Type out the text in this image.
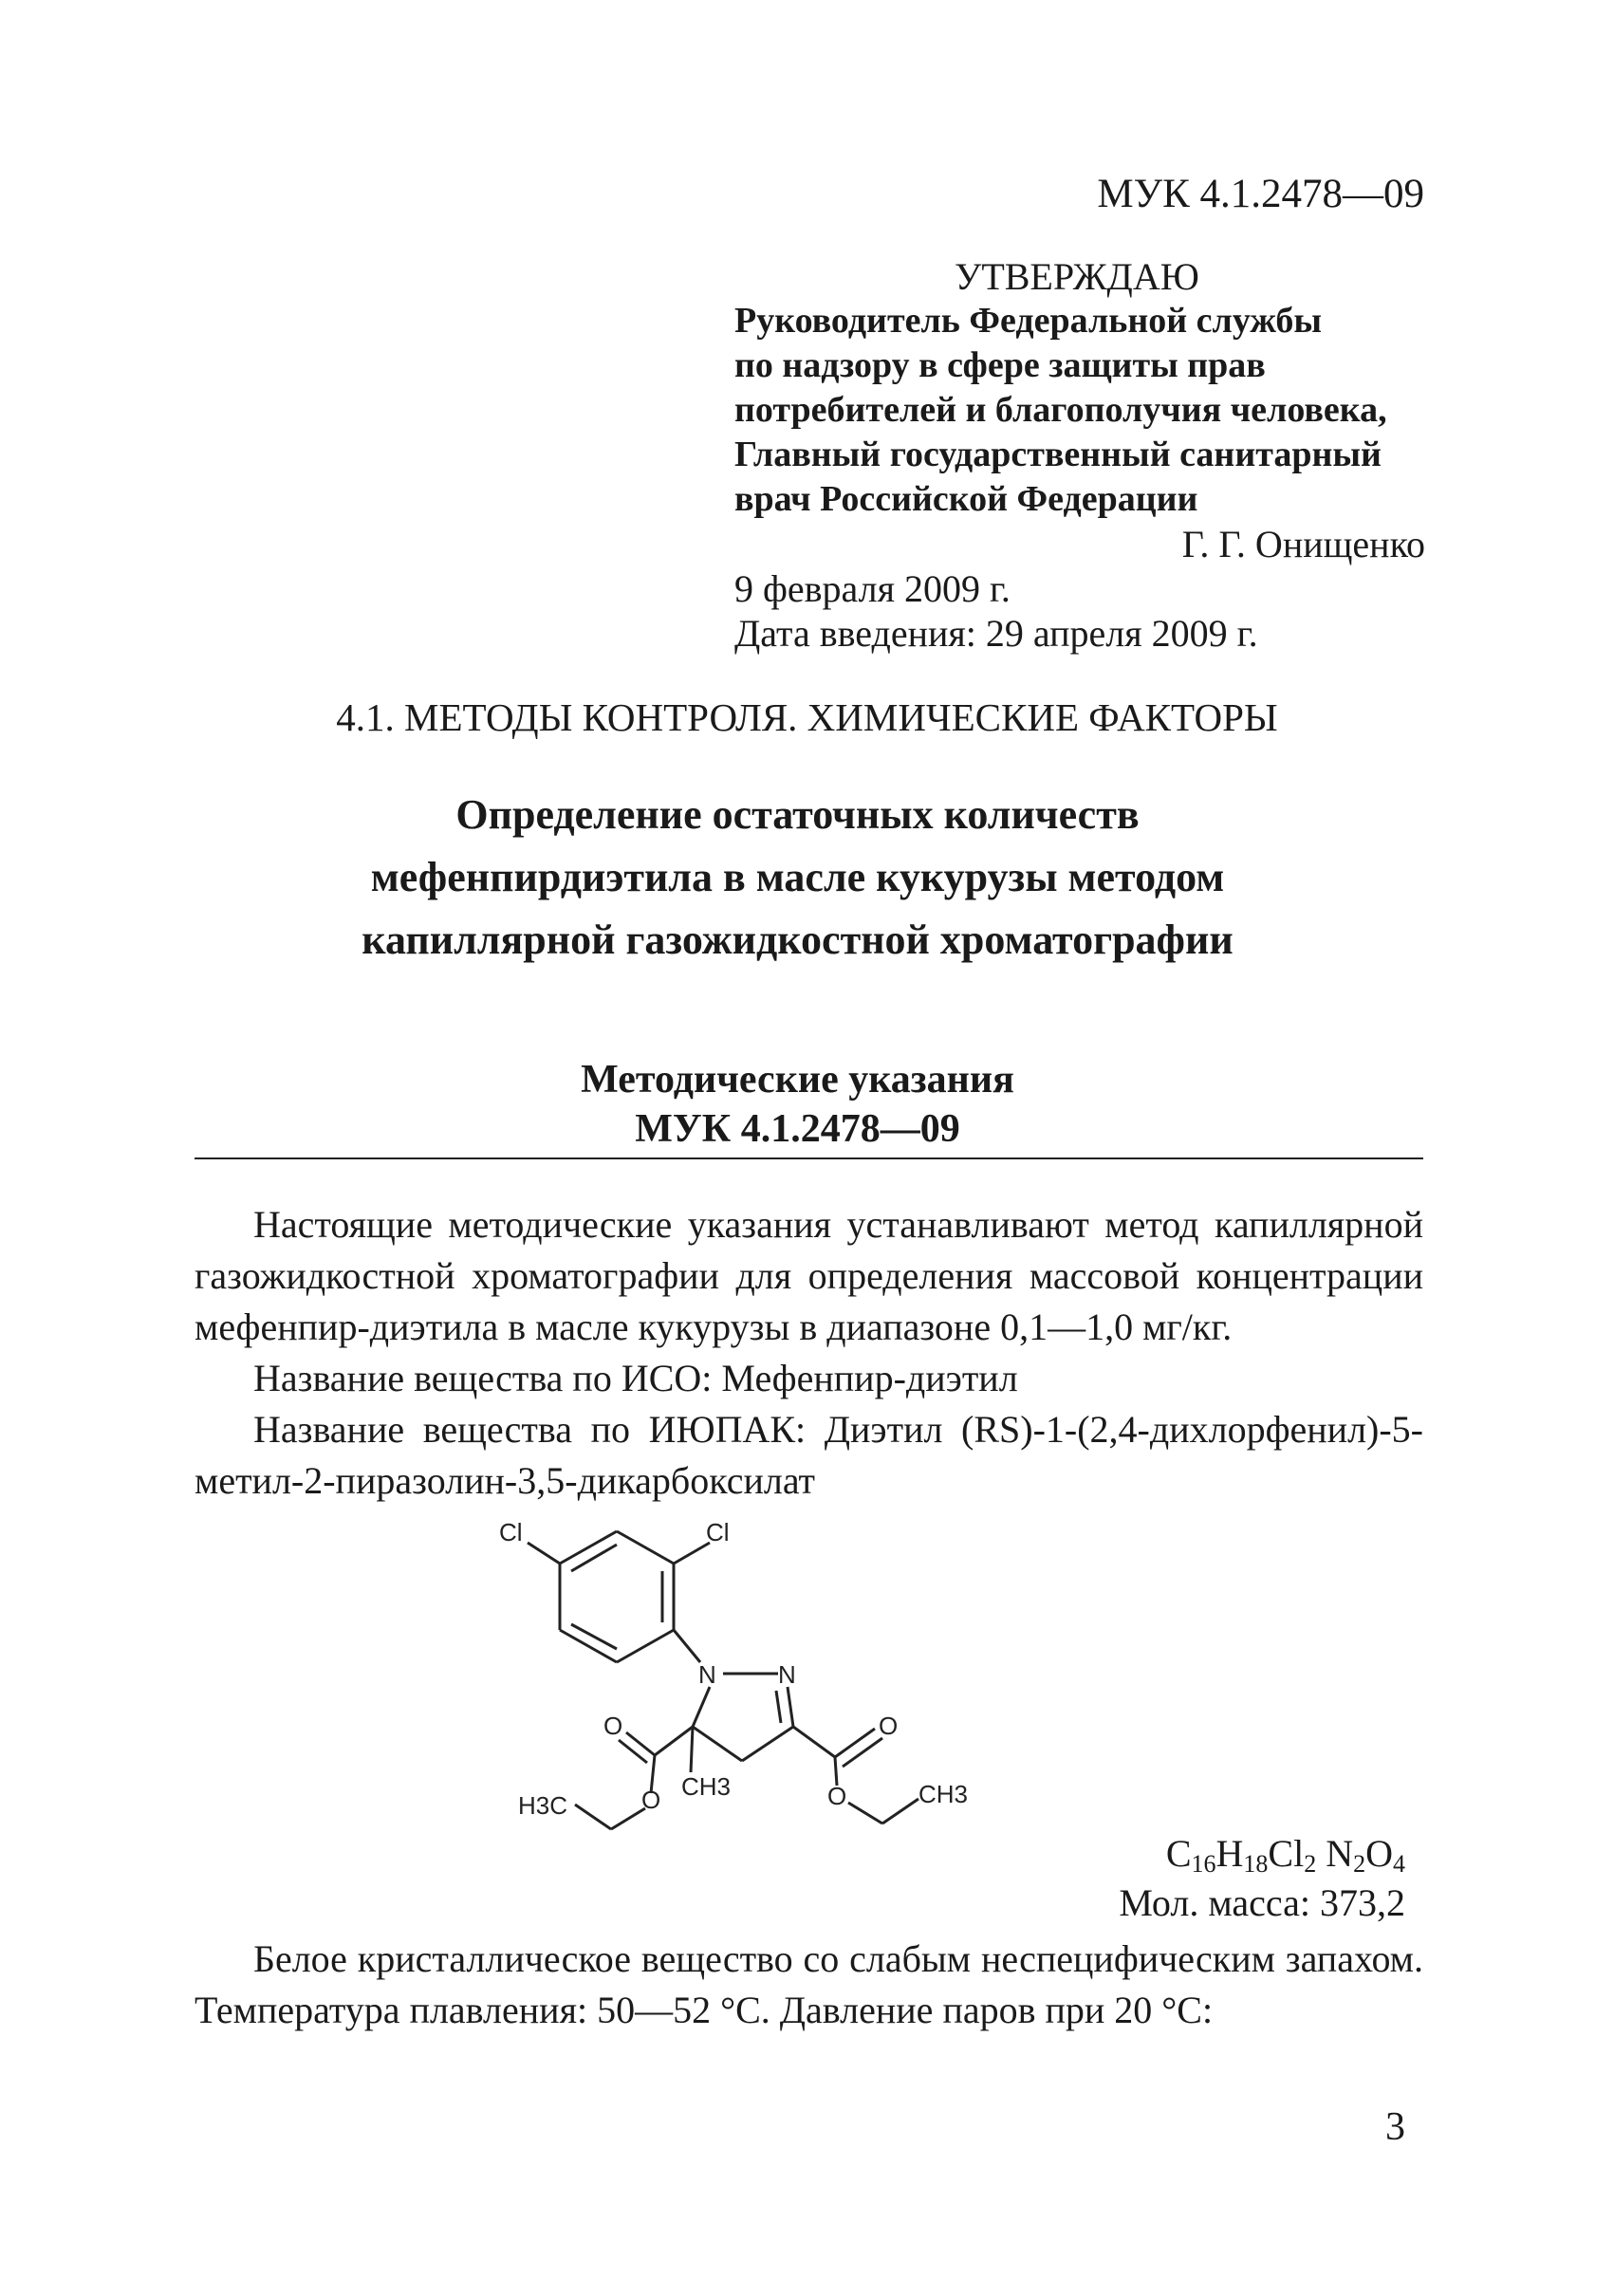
МУК 4.1.2478—09
УТВЕРЖДАЮ
Руководитель Федеральной службы
по надзору в сфере защиты прав
потребителей и благополучия человека,
Главный государственный санитарный
врач Российской Федерации
Г. Г. Онищенко
9 февраля 2009 г.
Дата введения: 29 апреля 2009 г.
4.1. МЕТОДЫ КОНТРОЛЯ. ХИМИЧЕСКИЕ ФАКТОРЫ
Определение остаточных количеств
мефенпирдиэтила в масле кукурузы методом
капиллярной газожидкостной хроматографии
Методические указания
МУК 4.1.2478—09

Настоящие методические указания устанавливают метод капиллярной газожидкостной хроматографии для определения массовой концентрации мефенпир-диэтила в масле кукурузы в диапазоне 0,1—1,0 мг/кг.

Название вещества по ИСО: Мефенпир-диэтил

Название вещества по ИЮПАК: Диэтил (RS)-1-(2,4-дихлорфенил)-5-метил-2-пиразолин-3,5-дикарбоксилат

Cl	Cl
N	N
O
O
O
O
CH3
H3C	CH3
$C_{16}H_{18}Cl_2$ $N_2O_4$
Мол. масса: 373,2

Белое кристаллическое вещество со слабым неспецифическим запахом. Температура плавления: 50—52 °С. Давление паров при 20 °С:

3
